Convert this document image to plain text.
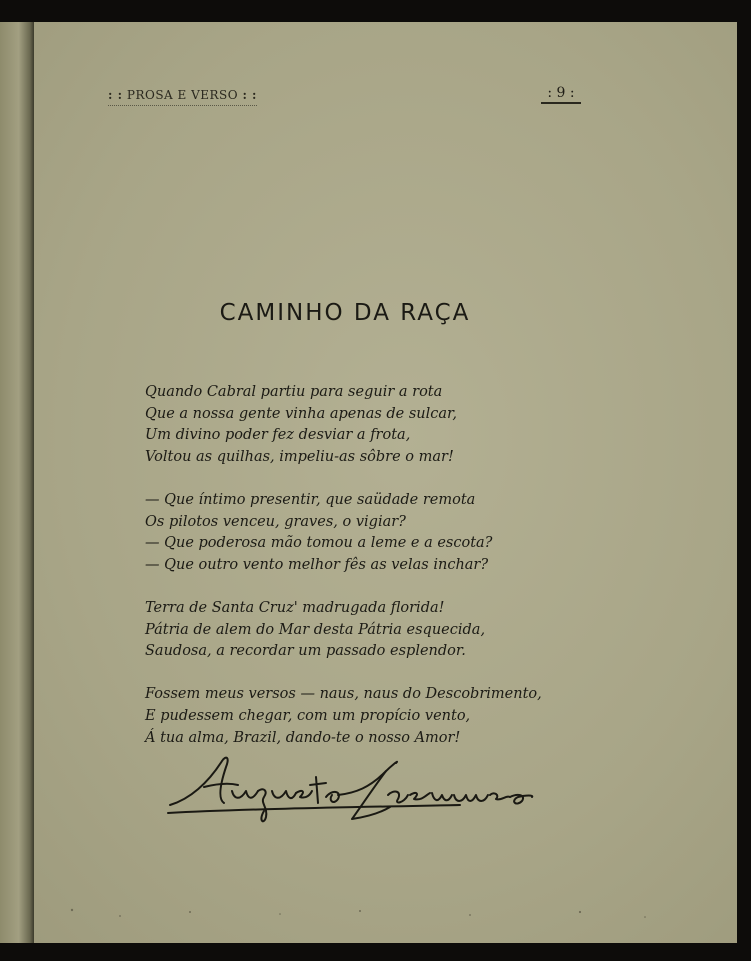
: : PROSA E VERSO : :	: 9 :
CAMINHO DA RAÇA
Quando Cabral partiu para seguir a rota
Que a nossa gente vinha apenas de sulcar,
Um divino poder fez desviar a frota,
Voltou as quilhas, impeliu-as sôbre o mar!
— Que íntimo presentir, que saüdade remota
Os pilotos venceu, graves, o vigiar?
— Que poderosa mão tomou a leme e a escota?
— Que outro vento melhor fês as velas inchar?
Terra de Santa Cruz' madrugada florida!
Pátria de alem do Mar desta Pátria esquecida,
Saudosa, a recordar um passado esplendor.
Fossem meus versos — naus, naus do Descobrimento,
E pudessem chegar, com um propício vento,
Á tua alma, Brazil, dando-te o nosso Amor!
